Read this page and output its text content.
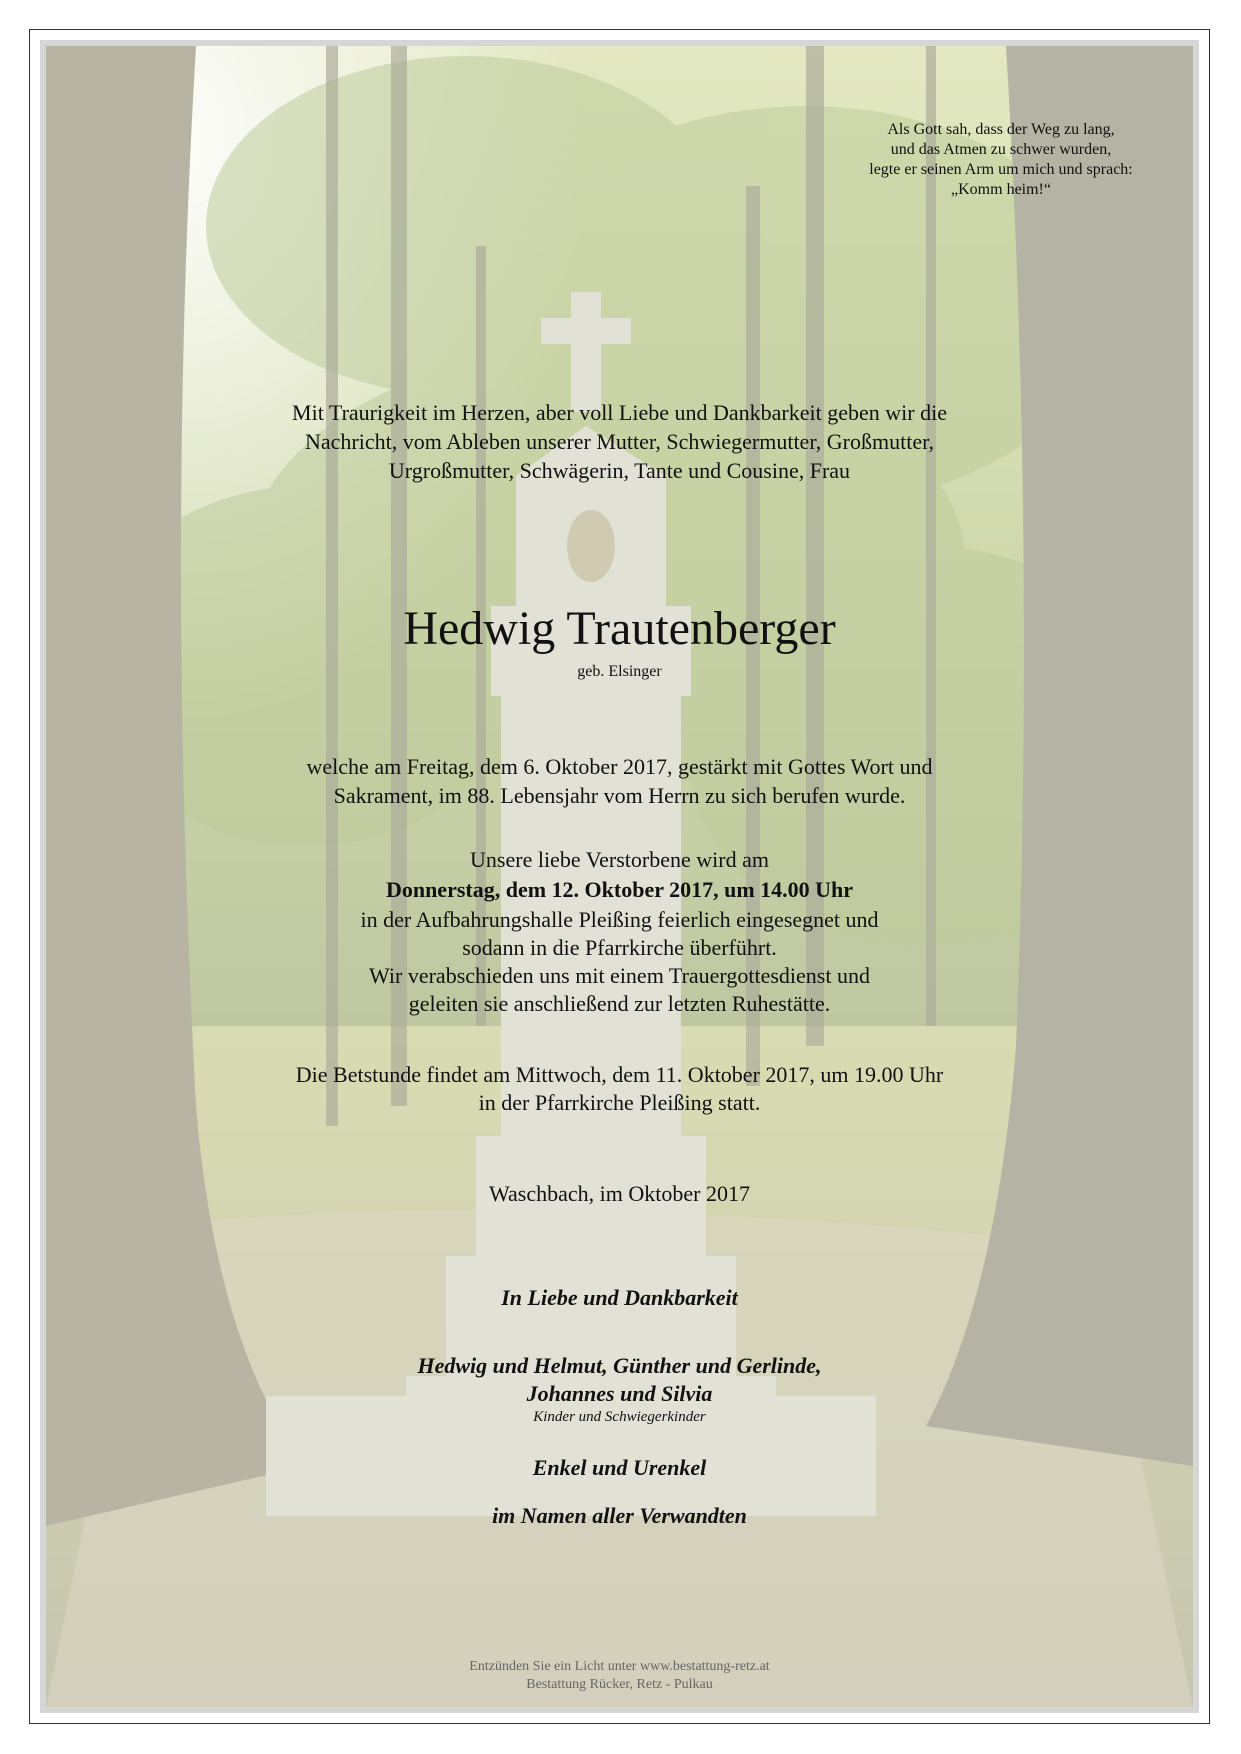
Als Gott sah, dass der Weg zu lang,
und das Atmen zu schwer wurden,
legte er seinen Arm um mich und sprach:
„Komm heim!“
Mit Traurigkeit im Herzen, aber voll Liebe und Dankbarkeit geben wir die
Nachricht, vom Ableben unserer Mutter, Schwiegermutter, Großmutter,
Urgroßmutter, Schwägerin, Tante und Cousine, Frau
Hedwig Trautenberger
geb. Elsinger
welche am Freitag, dem 6. Oktober 2017, gestärkt mit Gottes Wort und
Sakrament, im 88. Lebensjahr vom Herrn zu sich berufen wurde.
Unsere liebe Verstorbene wird am
Donnerstag, dem 12. Oktober 2017, um 14.00 Uhr
in der Aufbahrungshalle Pleißing feierlich eingesegnet und
sodann in die Pfarrkirche überführt.
Wir verabschieden uns mit einem Trauergottesdienst und
geleiten sie anschließend zur letzten Ruhestätte.
Die Betstunde findet am Mittwoch, dem 11. Oktober 2017, um 19.00 Uhr
in der Pfarrkirche Pleißing statt.
Waschbach, im Oktober 2017
In Liebe und Dankbarkeit
Hedwig und Helmut, Günther und Gerlinde,
Johannes und Silvia
Kinder und Schwiegerkinder
Enkel und Urenkel
im Namen aller Verwandten
Entzünden Sie ein Licht unter www.bestattung-retz.at
Bestattung Rücker, Retz - Pulkau
